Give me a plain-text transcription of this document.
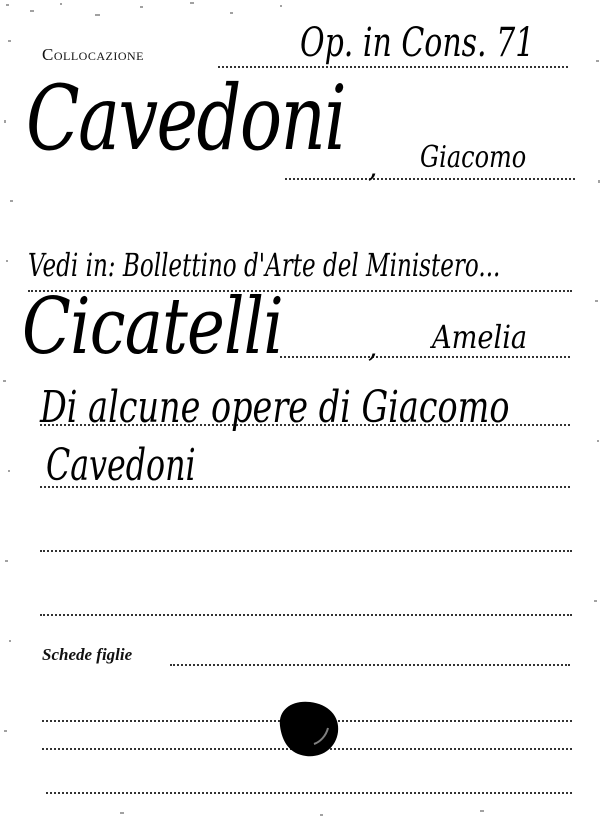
Collocazione	Op. in Cons. 71
Cavedoni , Giacomo
Vedi in: Bollettino d'Arte del Ministero...
Cicatelli	, Amelia
Di alcune opere di Giacomo
Cavedoni
Schede figlie
